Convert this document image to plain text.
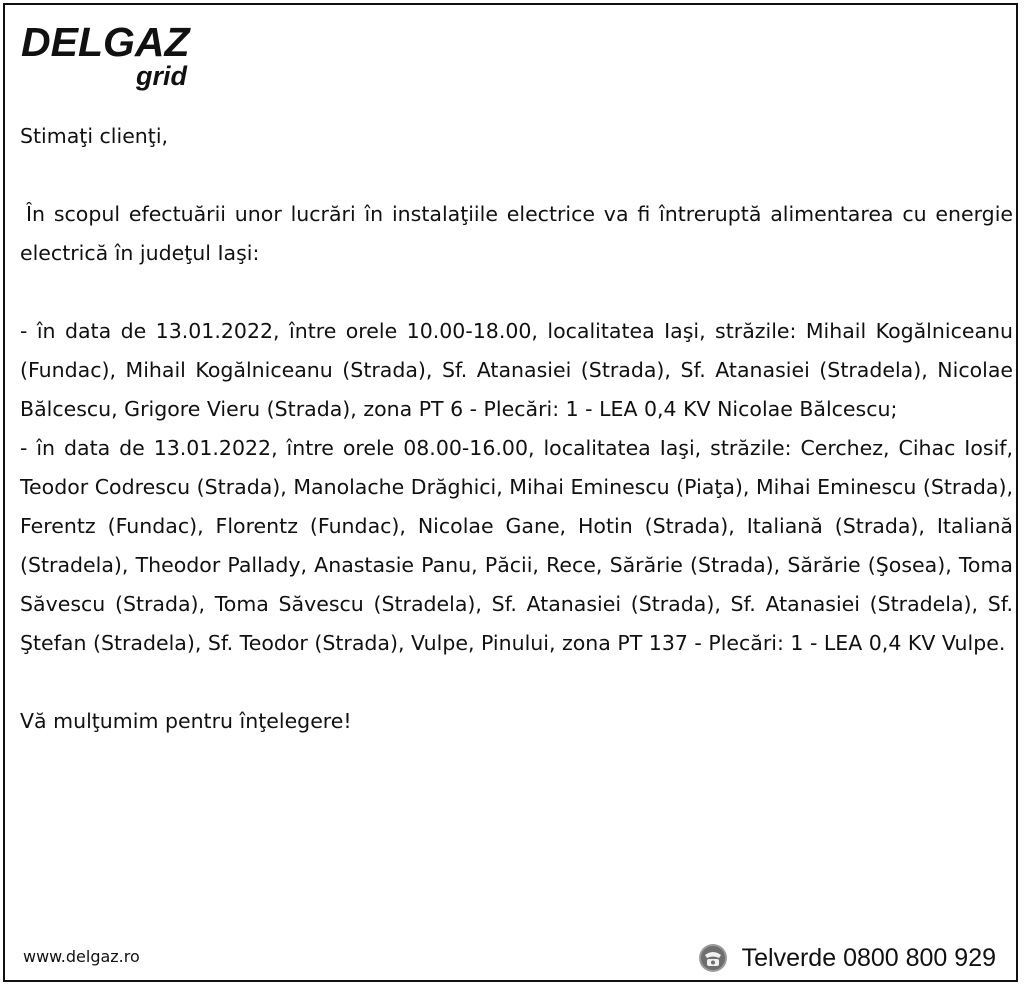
DELGAZ
grid

Stimaţi clienţi,

În scopul efectuării unor lucrări în instalaţiile electrice va fi întreruptă alimentarea cu energie electrică în judeţul Iaşi:

- în data de 13.01.2022, între orele 10.00-18.00, localitatea Iaşi, străzile: Mihail Kogălniceanu (Fundac), Mihail Kogălniceanu (Strada), Sf. Atanasiei (Strada), Sf. Atanasiei (Stradela), Nicolae Bălcescu, Grigore Vieru (Strada), zona PT 6 - Plecări: 1 - LEA 0,4 KV Nicolae Bălcescu;

- în data de 13.01.2022, între orele 08.00-16.00, localitatea Iaşi, străzile: Cerchez, Cihac Iosif, Teodor Codrescu (Strada), Manolache Drăghici, Mihai Eminescu (Piaţa), Mihai Eminescu (Strada), Ferentz (Fundac), Florentz (Fundac), Nicolae Gane, Hotin (Strada), Italiană (Strada), Italiană (Stradela), Theodor Pallady, Anastasie Panu, Păcii, Rece, Sărărie (Strada), Sărărie (Şosea), Toma Săvescu (Strada), Toma Săvescu (Stradela), Sf. Atanasiei (Strada), Sf. Atanasiei (Stradela), Sf. Ştefan (Stradela), Sf. Teodor (Strada), Vulpe, Pinului, zona PT 137 - Plecări: 1 - LEA 0,4 KV Vulpe.

Vă mulţumim pentru înţelegere!

www.delgaz.ro	Telverde 0800 800 929
